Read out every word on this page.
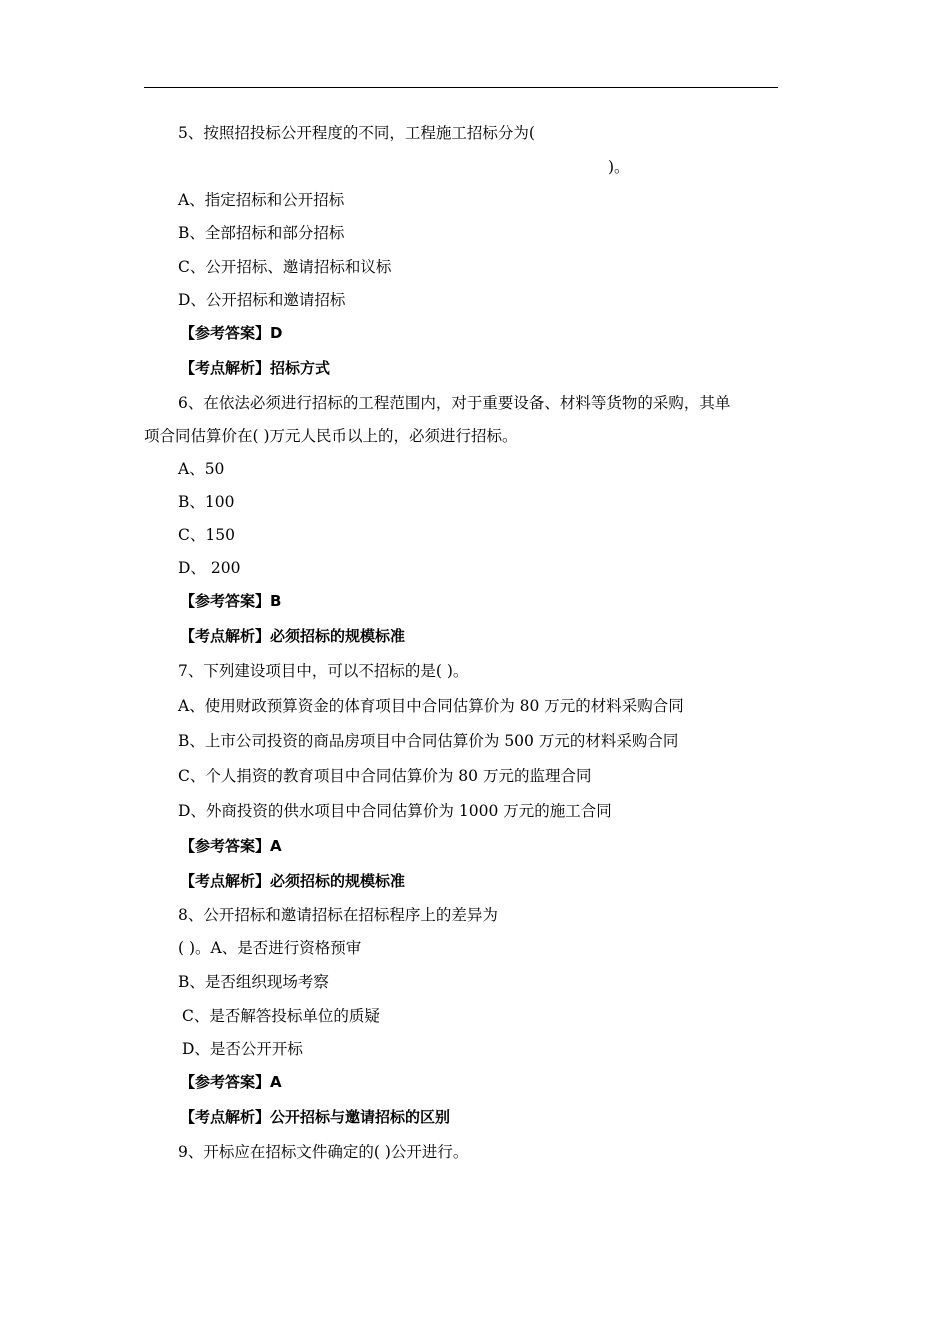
5、按照招投标公开程度的不同，工程施工招标分为(
)。
A、指定招标和公开招标
B、全部招标和部分招标
C、公开招标、邀请招标和议标
D、公开招标和邀请招标
【参考答案】D
【考点解析】招标方式
6、在依法必须进行招标的工程范围内，对于重要设备、材料等货物的采购，其单
项合同估算价在( )万元人民币以上的，必须进行招标。
A、50
B、100
C、150
D、 200
【参考答案】B
【考点解析】必须招标的规模标准
7、下列建设项目中，可以不招标的是( )。
A、使用财政预算资金的体育项目中合同估算价为 80 万元的材料采购合同
B、上市公司投资的商品房项目中合同估算价为 500 万元的材料采购合同
C、个人捐资的教育项目中合同估算价为 80 万元的监理合同
D、外商投资的供水项目中合同估算价为 1000 万元的施工合同
【参考答案】A
【考点解析】必须招标的规模标准
8、公开招标和邀请招标在招标程序上的差异为
( )。A、是否进行资格预审
B、是否组织现场考察
C、是否解答投标单位的质疑
D、是否公开开标
【参考答案】A
【考点解析】公开招标与邀请招标的区别
9、开标应在招标文件确定的( )公开进行。
